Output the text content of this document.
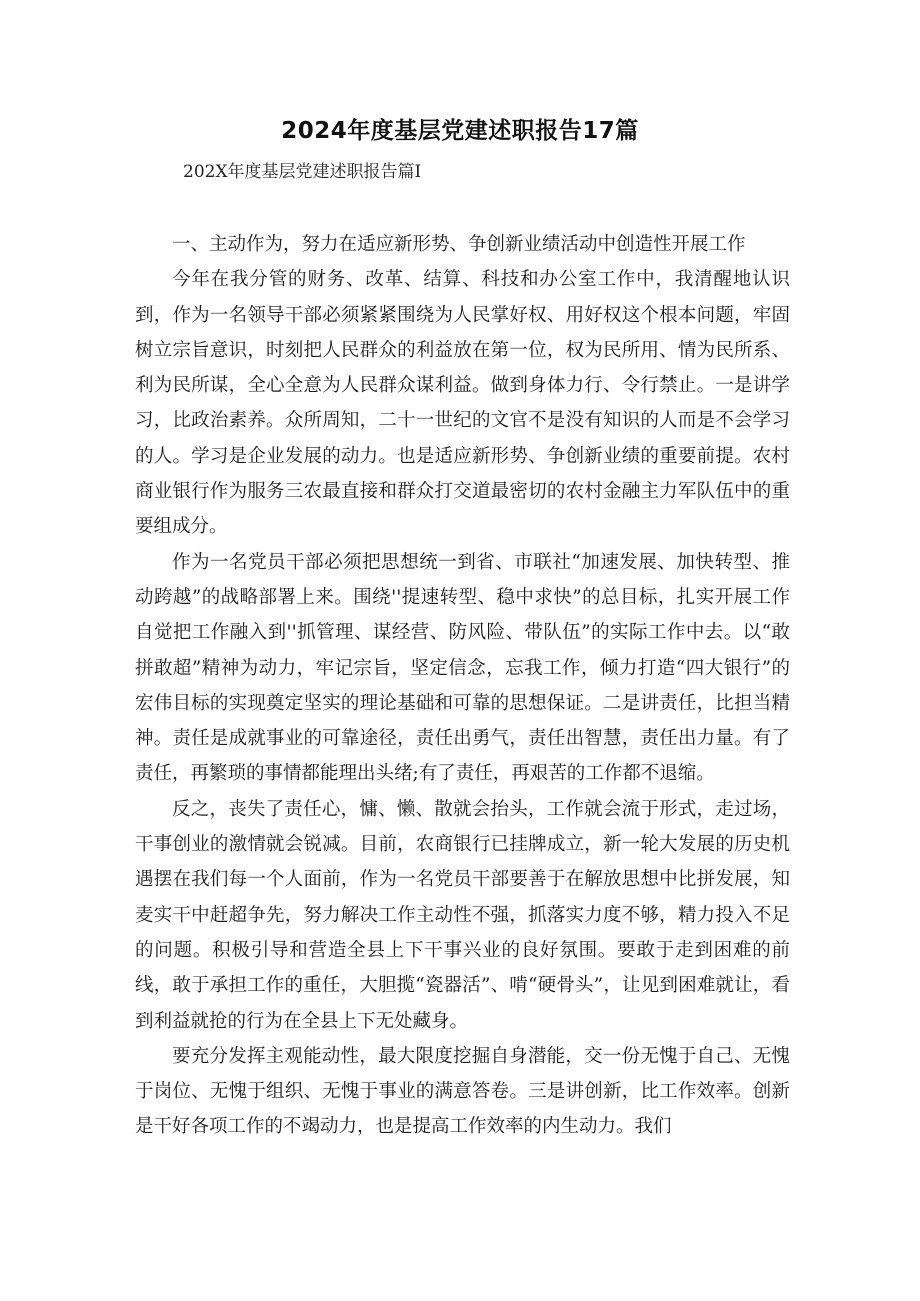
2024年度基层党建述职报告17篇

202X年度基层党建述职报告篇I

一、主动作为，努力在适应新形势、争创新业绩活动中创造性开展工作

今年在我分管的财务、改革、结算、科技和办公室工作中，我清醒地认识到，作为一名领导干部必须紧紧围绕为人民掌好权、用好权这个根本问题，牢固树立宗旨意识，时刻把人民群众的利益放在第一位，权为民所用、情为民所系、利为民所谋，全心全意为人民群众谋利益。做到身体力行、令行禁止。一是讲学习，比政治素养。众所周知，二十一世纪的文官不是没有知识的人而是不会学习的人。学习是企业发展的动力。也是适应新形势、争创新业绩的重要前提。农村商业银行作为服务三农最直接和群众打交道最密切的农村金融主力军队伍中的重要组成分。

作为一名党员干部必须把思想统一到省、市联社“加速发展、加快转型、推动跨越”的战略部署上来。围绕''提速转型、稳中求快”的总目标，扎实开展工作自觉把工作融入到''抓管理、谋经营、防风险、带队伍”的实际工作中去。以“敢拼敢超”精神为动力，牢记宗旨，坚定信念，忘我工作，倾力打造“四大银行”的宏伟目标的实现奠定坚实的理论基础和可靠的思想保证。二是讲责任，比担当精神。责任是成就事业的可靠途径，责任出勇气，责任出智慧，责任出力量。有了责任，再繁琐的事情都能理出头绪;有了责任，再艰苦的工作都不退缩。

反之，丧失了责任心，慵、懒、散就会抬头，工作就会流于形式，走过场，干事创业的激情就会锐减。目前，农商银行已挂牌成立，新一轮大发展的历史机遇摆在我们每一个人面前，作为一名党员干部要善于在解放思想中比拼发展，知麦实干中赶超争先，努力解决工作主动性不强，抓落实力度不够，精力投入不足的问题。积极引导和营造全县上下干事兴业的良好氛围。要敢于走到困难的前线，敢于承担工作的重任，大胆揽“瓷器活”、啃“硬骨头”，让见到困难就让，看到利益就抢的行为在全县上下无处藏身。

要充分发挥主观能动性，最大限度挖掘自身潜能，交一份无愧于自己、无愧于岗位、无愧于组织、无愧于事业的满意答卷。三是讲创新，比工作效率。创新是干好各项工作的不竭动力，也是提高工作效率的内生动力。我们
